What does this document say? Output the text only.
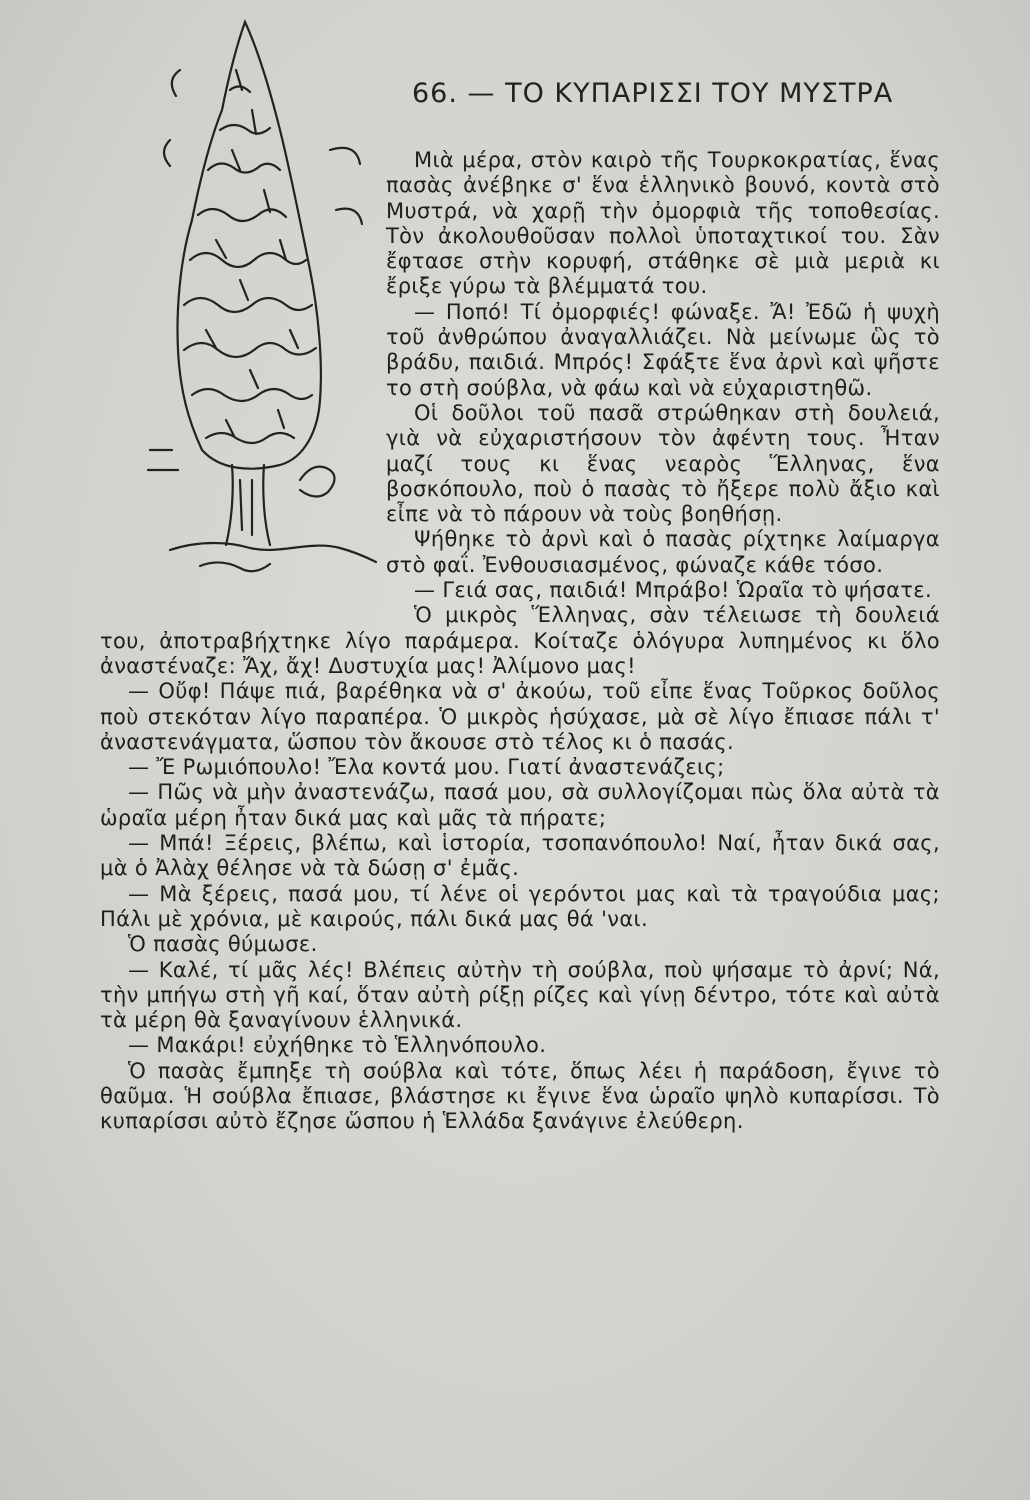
66. — ΤΟ ΚΥΠΑΡΙΣΣΙ ΤΟΥ ΜΥΣΤΡΑ

Μιὰ μέρα, στὸν καιρὸ τῆς Τουρκοκρατίας, ἕνας πασὰς ἀνέβηκε σ' ἕνα ἑλληνικὸ βουνό, κοντὰ στὸ Μυστρά, νὰ χαρῇ τὴν ὀμορφιὰ τῆς τοποθεσίας. Τὸν ἀκολουθοῦσαν πολλοὶ ὑποταχτικοί του. Σὰν ἔφτασε στὴν κορυφή, στάθηκε σὲ μιὰ μεριὰ κι ἔριξε γύρω τὰ βλέμματά του.

— Ποπό! Τί ὀμορφιές! φώναξε. Ἄ! Ἐδῶ ἡ ψυχὴ τοῦ ἀνθρώπου ἀναγαλλιάζει. Νὰ μείνωμε ὣς τὸ βράδυ, παιδιά. Μπρός! Σφάξτε ἕνα ἀρνὶ καὶ ψῆστε το στὴ σούβλα, νὰ φάω καὶ νὰ εὐχαριστηθῶ.

Οἱ δοῦλοι τοῦ πασᾶ στρώθηκαν στὴ δουλειά, γιὰ νὰ εὐχαριστήσουν τὸν ἀφέντη τους. Ἦταν μαζί τους κι ἕνας νεαρὸς Ἕλληνας, ἕνα βοσκόπουλο, ποὺ ὁ πασὰς τὸ ἤξερε πολὺ ἄξιο καὶ εἶπε νὰ τὸ πάρουν νὰ τοὺς βοηθήσῃ.

Ψήθηκε τὸ ἀρνὶ καὶ ὁ πασὰς ρίχτηκε λαίμαργα στὸ φαΐ. Ἐνθουσιασμένος, φώναζε κάθε τόσο.

— Γειά σας, παιδιά! Μπράβο! Ὡραῖα τὸ ψήσατε.

Ὁ μικρὸς Ἕλληνας, σὰν τέλειωσε τὴ δουλειά του, ἀποτραβήχτηκε λίγο παράμερα. Κοίταζε ὁλόγυρα λυπημένος κι ὅλο ἀναστέναζε: Ἄχ, ἄχ! Δυστυχία μας! Ἀλίμονο μας!

— Οὔφ! Πάψε πιά, βαρέθηκα νὰ σ' ἀκούω, τοῦ εἶπε ἕνας Τοῦρκος δοῦλος ποὺ στεκόταν λίγο παραπέρα. Ὁ μικρὸς ἡσύχασε, μὰ σὲ λίγο ἔπιασε πάλι τ' ἀναστενάγματα, ὥσπου τὸν ἄκουσε στὸ τέλος κι ὁ πασάς.

— Ἔ Ρωμιόπουλο! Ἔλα κοντά μου. Γιατί ἀναστενάζεις;

— Πῶς νὰ μὴν ἀναστενάζω, πασά μου, σὰ συλλογίζομαι πὼς ὅλα αὐτὰ τὰ ὡραῖα μέρη ἦταν δικά μας καὶ μᾶς τὰ πήρατε;

— Μπά! Ξέρεις, βλέπω, καὶ ἱστορία, τσοπανόπουλο! Ναί, ἦταν δικά σας, μὰ ὁ Ἀλὰχ θέλησε νὰ τὰ δώσῃ σ' ἐμᾶς.

— Μὰ ξέρεις, πασά μου, τί λένε οἱ γερόντοι μας καὶ τὰ τραγούδια μας; Πάλι μὲ χρόνια, μὲ καιρούς, πάλι δικά μας θά 'ναι.

Ὁ πασὰς θύμωσε.

— Καλέ, τί μᾶς λές! Βλέπεις αὐτὴν τὴ σούβλα, ποὺ ψήσαμε τὸ ἀρνί; Νά, τὴν μπήγω στὴ γῆ καί, ὅταν αὐτὴ ρίξῃ ρίζες καὶ γίνῃ δέντρο, τότε καὶ αὐτὰ τὰ μέρη θὰ ξαναγίνουν ἑλληνικά.

— Μακάρι! εὐχήθηκε τὸ Ἑλληνόπουλο.

Ὁ πασὰς ἔμπηξε τὴ σούβλα καὶ τότε, ὅπως λέει ἡ παράδοση, ἔγινε τὸ θαῦμα. Ἡ σούβλα ἔπιασε, βλάστησε κι ἔγινε ἕνα ὡραῖο ψηλὸ κυπαρίσσι. Τὸ κυπαρίσσι αὐτὸ ἔζησε ὥσπου ἡ Ἑλλάδα ξανάγινε ἐλεύθερη.
